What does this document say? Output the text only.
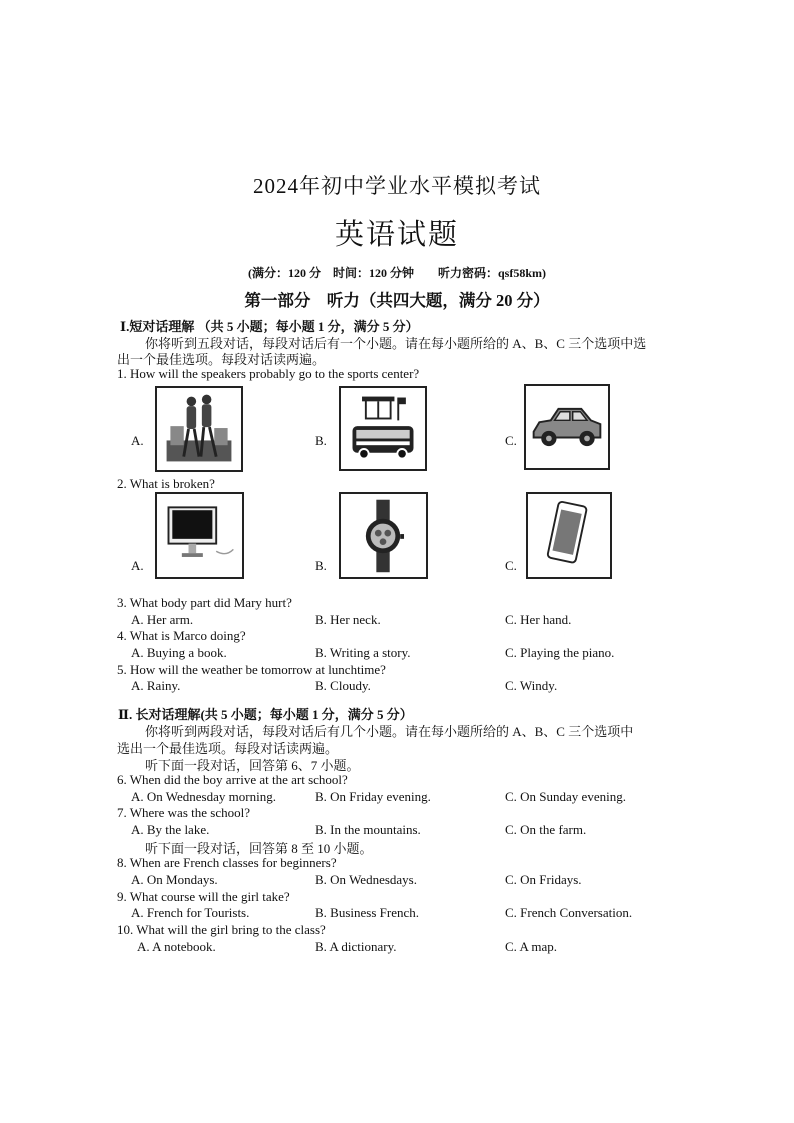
2024年初中学业水平模拟考试
英语试题
(满分：120 分　时间：120 分钟　　听力密码：qsf58km)
第一部分　听力（共四大题，满分 20 分）
Ⅰ.短对话理解 （共 5 小题；每小题 1 分，满分 5 分）
你将听到五段对话，每段对话后有一个小题。请在每小题所给的 A、B、C 三个选项中选
出一个最佳选项。每段对话读两遍。
1. How will the speakers probably go to the sports center?
A.	B.	C.
2. What is broken?
A.	B.	C.
3. What body part did Mary hurt?
A. Her arm.	B. Her neck.	C. Her hand.
4. What is Marco doing?
A. Buying a book.	B. Writing a story.	C. Playing the piano.
5. How will the weather be tomorrow at lunchtime?
A. Rainy.	B. Cloudy.	C. Windy.
Ⅱ. 长对话理解(共 5 小题；每小题 1 分，满分 5 分）
你将听到两段对话，每段对话后有几个小题。请在每小题所给的 A、B、C 三个选项中
选出一个最佳选项。每段对话读两遍。
听下面一段对话，回答第 6、7 小题。
6. When did the boy arrive at the art school?
A. On Wednesday morning.	B. On Friday evening.	C. On Sunday evening.
7. Where was the school?
A. By the lake.	B. In the mountains.	C. On the farm.
听下面一段对话，回答第 8 至 10 小题。
8. When are French classes for beginners?
A. On Mondays.	B. On Wednesdays.	C. On Fridays.
9. What course will the girl take?
A. French for Tourists.	B. Business French.	C. French Conversation.
10. What will the girl bring to the class?
A. A notebook.	B. A dictionary.	C. A map.
